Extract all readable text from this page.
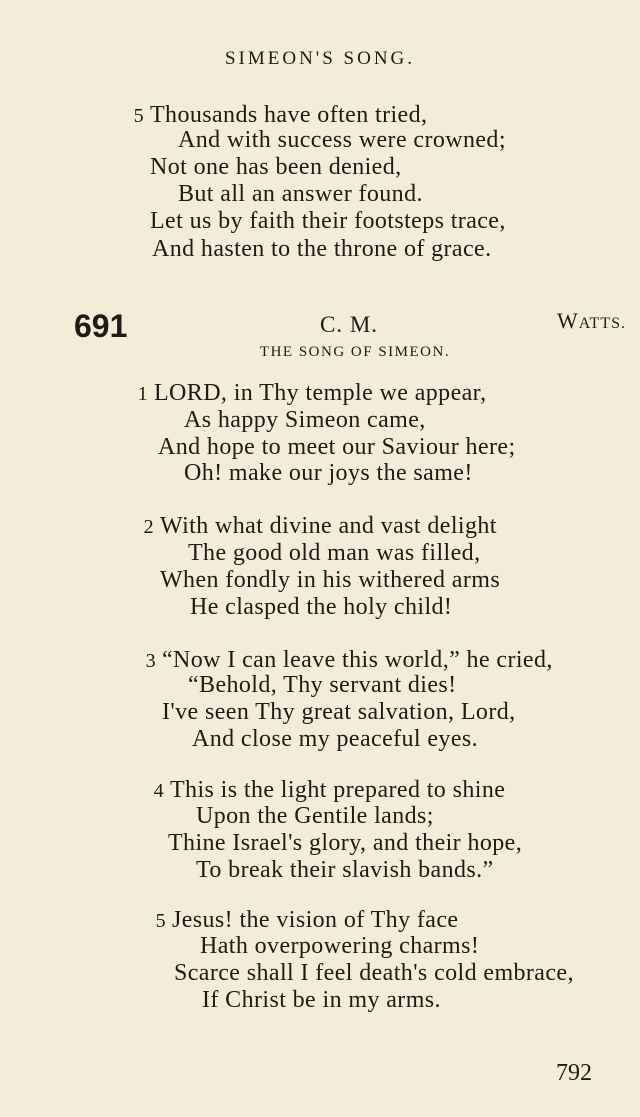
SIMEON'S SONG.
5 Thousands have often tried,
And with success were crowned;
Not one has been denied,
But all an answer found.
Let us by faith their footsteps trace,
And hasten to the throne of grace.
691	C. M.	WATTS.
THE SONG OF SIMEON.
1 LORD, in Thy temple we appear,
As happy Simeon came,
And hope to meet our Saviour here;
Oh! make our joys the same!
2 With what divine and vast delight
The good old man was filled,
When fondly in his withered arms
He clasped the holy child!
3 “Now I can leave this world,” he cried,
“Behold, Thy servant dies!
I've seen Thy great salvation, Lord,
And close my peaceful eyes.
4 This is the light prepared to shine
Upon the Gentile lands;
Thine Israel's glory, and their hope,
To break their slavish bands.”
5 Jesus! the vision of Thy face
Hath overpowering charms!
Scarce shall I feel death's cold embrace,
If Christ be in my arms.
792
